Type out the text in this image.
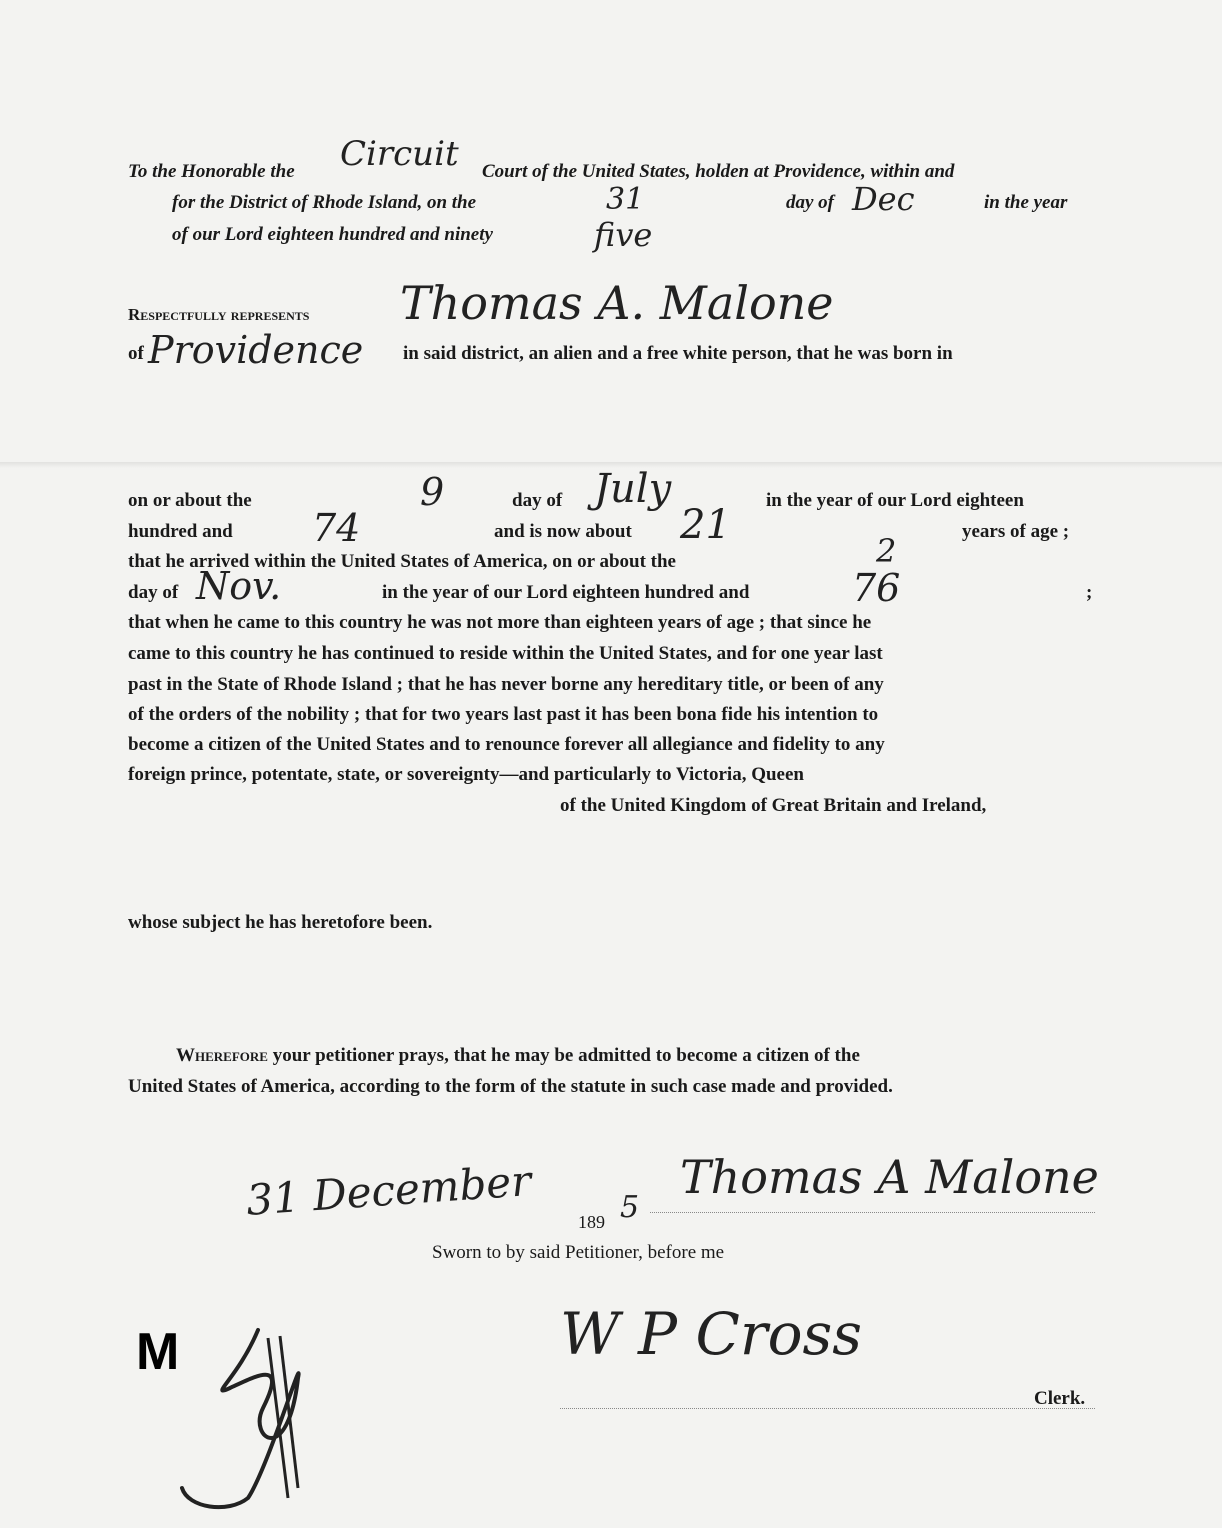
To the Honorable the Circuit Court of the United States, holden at Providence, within and
for the District of Rhode Island, on the	31	day of Dec	in the year
of our Lord eighteen hundred and ninety	five
Respectfully represents Thomas A. Malone
of Providence in said district, an alien and a free white person, that he was born in
on or about the	9	day of July	in the year of our Lord eighteen
hundred and 74	and is now about 21	years of age ;
that he arrived within the United States of America, on or about the	2
day of Nov.	in the year of our Lord eighteen hundred and	76	;
that when he came to this country he was not more than eighteen years of age ; that since he
came to this country he has continued to reside within the United States, and for one year last
past in the State of Rhode Island ; that he has never borne any hereditary title, or been of any
of the orders of the nobility ; that for two years last past it has been bona fide his intention to
become a citizen of the United States and to renounce forever all allegiance and fidelity to any
foreign prince, potentate, state, or sovereignty—and particularly to Victoria, Queen
of the United Kingdom of Great Britain and Ireland,
whose subject he has heretofore been.
Wherefore your petitioner prays, that he may be admitted to become a citizen of the
United States of America, according to the form of the statute in such case made and provided.
31 December	189 5
Thomas A Malone
Sworn to by said Petitioner, before me
W P Cross
Clerk.
M
